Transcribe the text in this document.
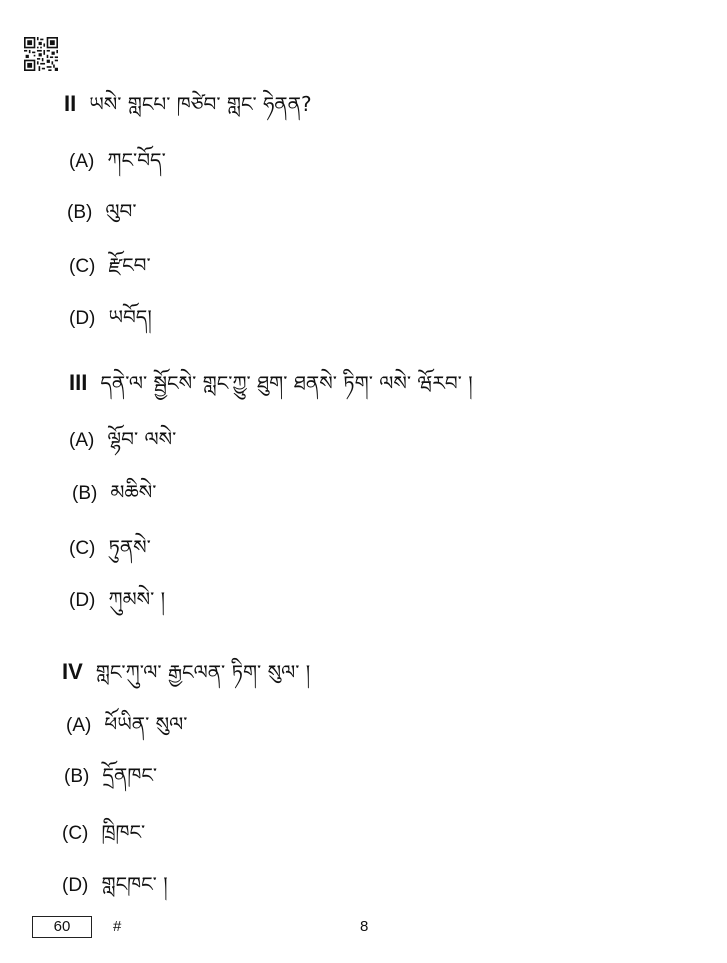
II ཡསེ་ གླངཔ་ ཁཙེབ་ གླང་ ཧེནན?
(A) ཀང་བོད་
(B) ལུབ་
(C) རྫོངབ་
(D) ཡབོད།
III དནེ་ལ་ སྦྱོངསེ་ གླང་ཀྱུ་ ཐུག་ ཐནསེ་ ཏིག་ ལསེ་ ཝོརབ་ །
(A) ལྷོབ་ ལསེ་
(B) མཆིསེ་
(C) ཏུནསེ་
(D) ཀུམསེ་ །
IV གླང་ཀུ་ལ་ རྒྱངལན་ ཏིག་ སུལ་ །
(A) ཕོཡིན་ སུལ་
(B) དྲོནཁང་
(C) ཁྲིཁང་
(D) གླངཁང་ །
60	#	8
